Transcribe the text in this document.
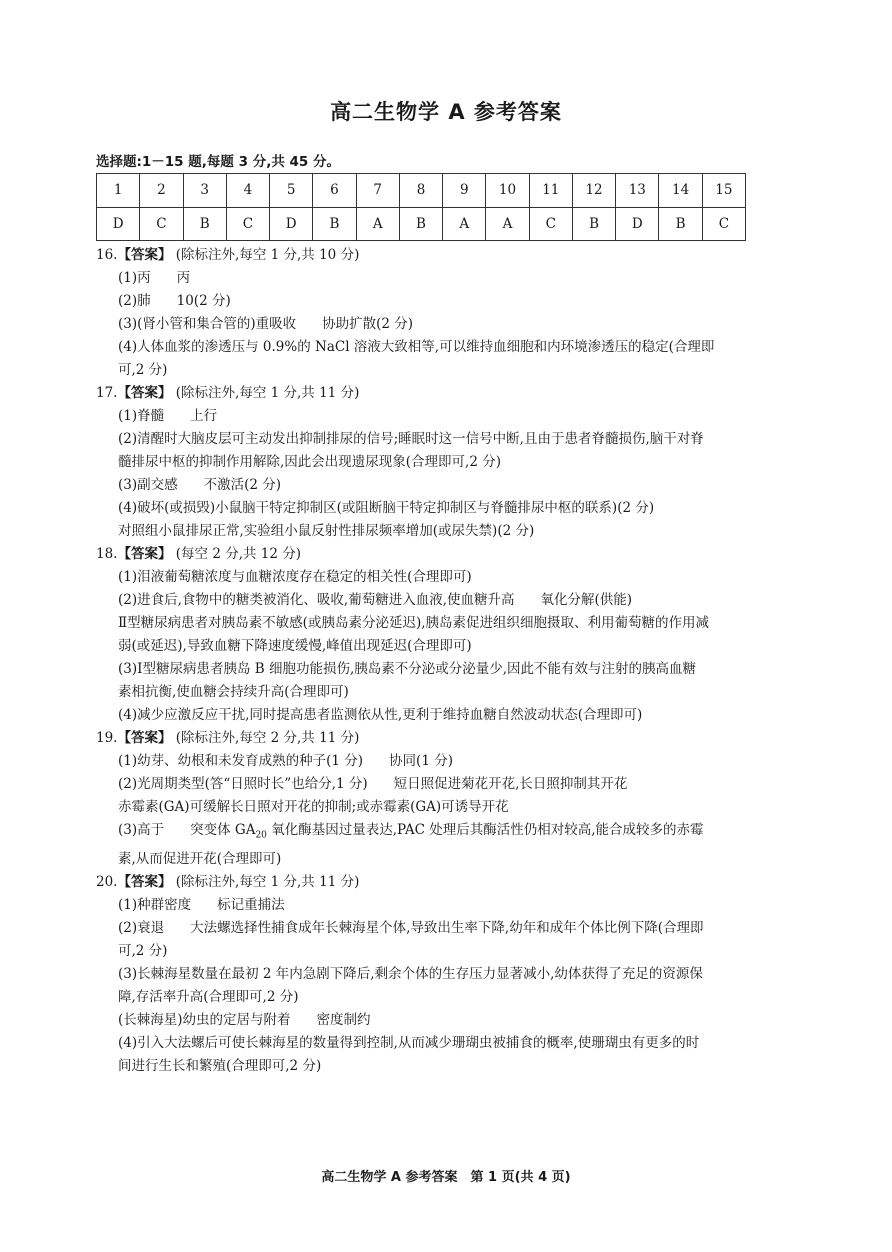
高二生物学 A 参考答案
选择题:1－15 题,每题 3 分,共 45 分。
1	2	3	4	5	6	7	8	9	10	11	12	13	14	15
D	C	B	C	D	B	A	B	A	A	C	B	D	B	C
16.【答案】 (除标注外,每空 1 分,共 10 分)
(1)丙 丙
(2)肺 10(2 分)
(3)(肾小管和集合管的)重吸收 协助扩散(2 分)
(4)人体血浆的渗透压与 0.9%的 NaCl 溶液大致相等,可以维持血细胞和内环境渗透压的稳定(合理即
可,2 分)
17.【答案】 (除标注外,每空 1 分,共 11 分)
(1)脊髓 上行
(2)清醒时大脑皮层可主动发出抑制排尿的信号;睡眠时这一信号中断,且由于患者脊髓损伤,脑干对脊
髓排尿中枢的抑制作用解除,因此会出现遗尿现象(合理即可,2 分)
(3)副交感 不激活(2 分)
(4)破坏(或损毁)小鼠脑干特定抑制区(或阻断脑干特定抑制区与脊髓排尿中枢的联系)(2 分)
对照组小鼠排尿正常,实验组小鼠反射性排尿频率增加(或尿失禁)(2 分)
18.【答案】 (每空 2 分,共 12 分)
(1)泪液葡萄糖浓度与血糖浓度存在稳定的相关性(合理即可)
(2)进食后,食物中的糖类被消化、吸收,葡萄糖进入血液,使血糖升高 氧化分解(供能)
Ⅱ型糖尿病患者对胰岛素不敏感(或胰岛素分泌延迟),胰岛素促进组织细胞摄取、利用葡萄糖的作用减
弱(或延迟),导致血糖下降速度缓慢,峰值出现延迟(合理即可)
(3)Ⅰ型糖尿病患者胰岛 B 细胞功能损伤,胰岛素不分泌或分泌量少,因此不能有效与注射的胰高血糖
素相抗衡,使血糖会持续升高(合理即可)
(4)减少应激反应干扰,同时提高患者监测依从性,更利于维持血糖自然波动状态(合理即可)
19.【答案】 (除标注外,每空 2 分,共 11 分)
(1)幼芽、幼根和未发育成熟的种子(1 分) 协同(1 分)
(2)光周期类型(答“日照时长”也给分,1 分) 短日照促进菊花开花,长日照抑制其开花
赤霉素(GA)可缓解长日照对开花的抑制;或赤霉素(GA)可诱导开花
(3)高于 突变体 $GA_{20}$ 氧化酶基因过量表达,PAC 处理后其酶活性仍相对较高,能合成较多的赤霉
素,从而促进开花(合理即可)
20.【答案】 (除标注外,每空 1 分,共 11 分)
(1)种群密度 标记重捕法
(2)衰退 大法螺选择性捕食成年长棘海星个体,导致出生率下降,幼年和成年个体比例下降(合理即
可,2 分)
(3)长棘海星数量在最初 2 年内急剧下降后,剩余个体的生存压力显著减小,幼体获得了充足的资源保
障,存活率升高(合理即可,2 分)
(长棘海星)幼虫的定居与附着 密度制约
(4)引入大法螺后可使长棘海星的数量得到控制,从而减少珊瑚虫被捕食的概率,使珊瑚虫有更多的时
间进行生长和繁殖(合理即可,2 分)
高二生物学 A 参考答案　第 1 页(共 4 页)
